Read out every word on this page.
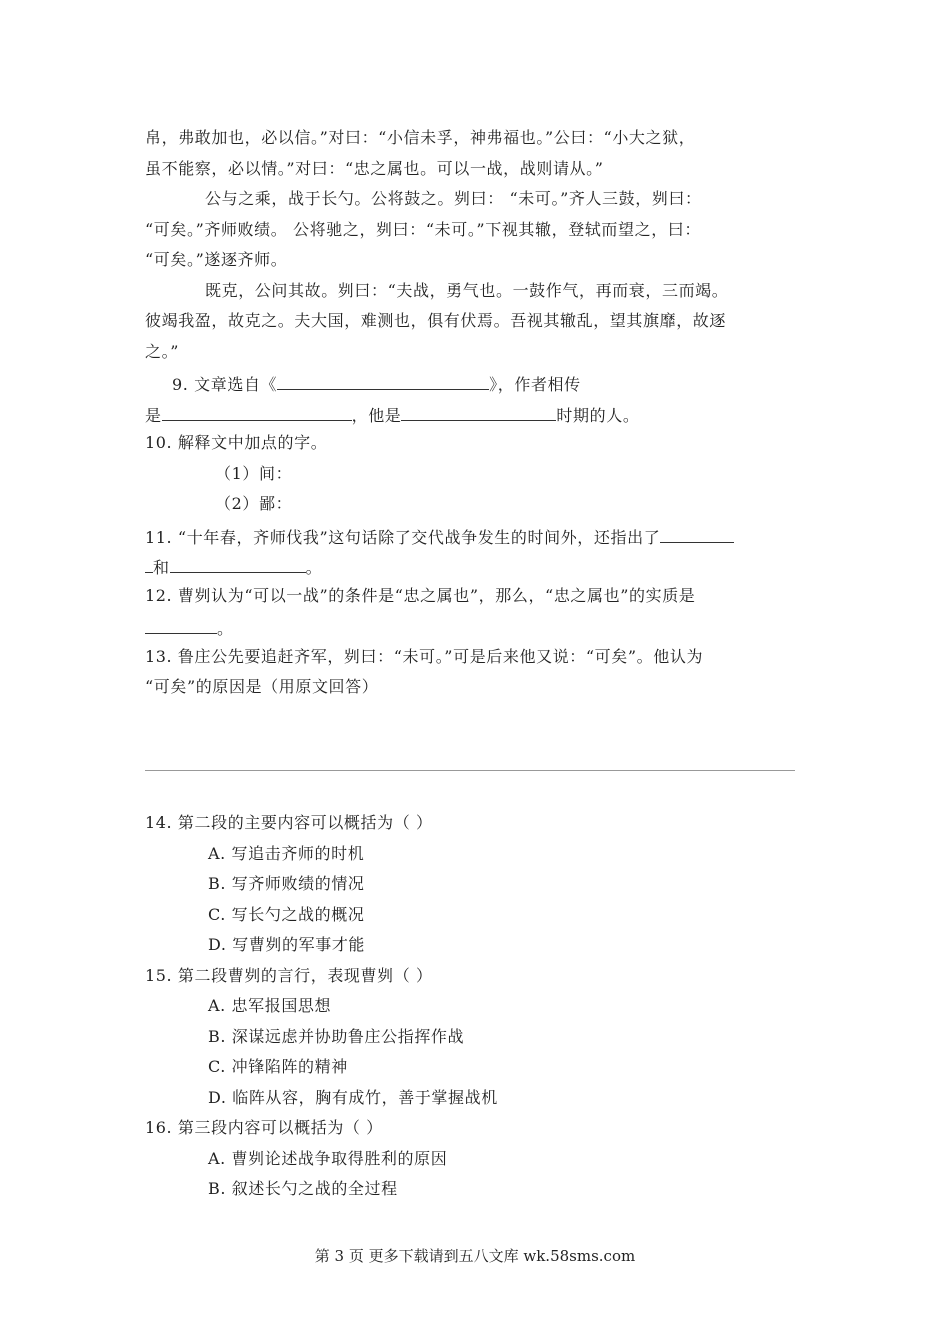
帛，弗敢加也，必以信。”对曰：“小信未孚，神弗福也。”公曰：“小大之狱，
虽不能察，必以情。”对曰：“忠之属也。可以一战，战则请从。”
公与之乘，战于长勺。公将鼓之。刿曰： “未可。”齐人三鼓，刿曰：
“可矣。”齐师败绩。 公将驰之，刿曰：“未可。”下视其辙，登轼而望之，曰：
“可矣。”遂逐齐师。
既克，公问其故。刿曰：“夫战，勇气也。一鼓作气，再而衰，三而竭。
彼竭我盈，故克之。夫大国，难测也，俱有伏焉。吾视其辙乱，望其旗靡，故逐
之。”
9. 文章选自《	》，作者相传
是	，他是	时期的人。
10. 解释文中加点的字。
（1）间：
（2）鄙：
11. “十年春，齐师伐我”这句话除了交代战争发生的时间外，还指出了
和	。
12. 曹刿认为“可以一战”的条件是“忠之属也”，那么，“忠之属也”的实质是
。
13. 鲁庄公先要追赶齐军，刿曰：“未可。”可是后来他又说：“可矣”。他认为
“可矣”的原因是（用原文回答）
14. 第二段的主要内容可以概括为（ ）
A. 写追击齐师的时机
B. 写齐师败绩的情况
C. 写长勺之战的概况
D. 写曹刿的军事才能
15. 第二段曹刿的言行，表现曹刿（ ）
A. 忠军报国思想
B. 深谋远虑并协助鲁庄公指挥作战
C. 冲锋陷阵的精神
D. 临阵从容，胸有成竹，善于掌握战机
16. 第三段内容可以概括为（ ）
A. 曹刿论述战争取得胜利的原因
B. 叙述长勺之战的全过程
第 3 页 更多下载请到五八文库 wk.58sms.com
